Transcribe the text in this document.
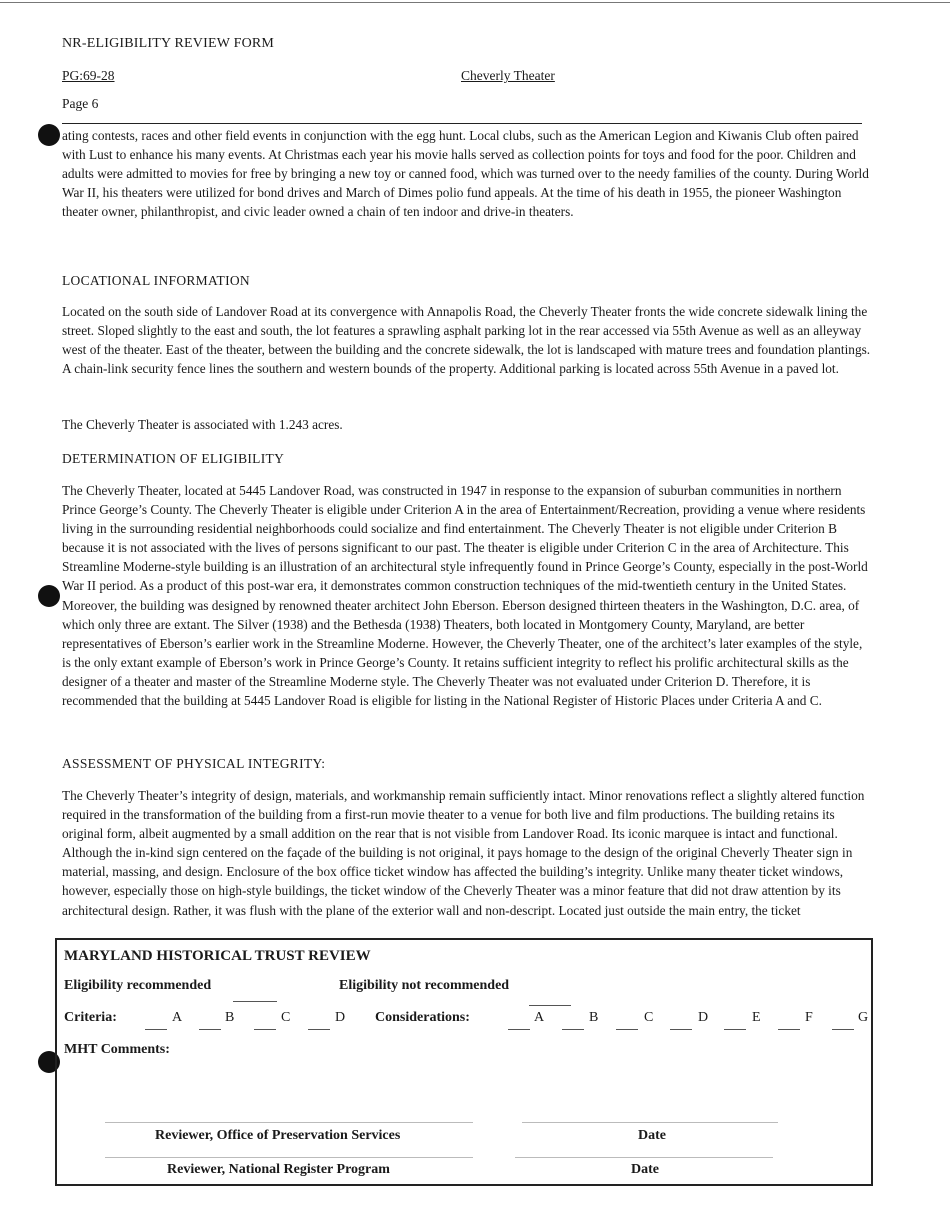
NR-ELIGIBILITY REVIEW FORM
PG:69-28	Cheverly Theater
Page 6

ating contests, races and other field events in conjunction with the egg hunt. Local clubs, such as the American Legion and Kiwanis Club often paired with Lust to enhance his many events. At Christmas each year his movie halls served as collection points for toys and food for the poor. Children and adults were admitted to movies for free by bringing a new toy or canned food, which was turned over to the needy families of the county. During World War II, his theaters were utilized for bond drives and March of Dimes polio fund appeals. At the time of his death in 1955, the pioneer Washington theater owner, philanthropist, and civic leader owned a chain of ten indoor and drive-in theaters.

LOCATIONAL INFORMATION

Located on the south side of Landover Road at its convergence with Annapolis Road, the Cheverly Theater fronts the wide concrete sidewalk lining the street. Sloped slightly to the east and south, the lot features a sprawling asphalt parking lot in the rear accessed via 55th Avenue as well as an alleyway west of the theater. East of the theater, between the building and the concrete sidewalk, the lot is landscaped with mature trees and foundation plantings. A chain-link security fence lines the southern and western bounds of the property. Additional parking is located across 55th Avenue in a paved lot.

The Cheverly Theater is associated with 1.243 acres.

DETERMINATION OF ELIGIBILITY

The Cheverly Theater, located at 5445 Landover Road, was constructed in 1947 in response to the expansion of suburban communities in northern Prince George’s County. The Cheverly Theater is eligible under Criterion A in the area of Entertainment/Recreation, providing a venue where residents living in the surrounding residential neighborhoods could socialize and find entertainment. The Cheverly Theater is not eligible under Criterion B because it is not associated with the lives of persons significant to our past. The theater is eligible under Criterion C in the area of Architecture. This Streamline Moderne-style building is an illustration of an architectural style infrequently found in Prince George’s County, especially in the post-World War II period. As a product of this post-war era, it demonstrates common construction techniques of the mid-twentieth century in the United States. Moreover, the building was designed by renowned theater architect John Eberson. Eberson designed thirteen theaters in the Washington, D.C. area, of which only three are extant. The Silver (1938) and the Bethesda (1938) Theaters, both located in Montgomery County, Maryland, are better representatives of Eberson’s earlier work in the Streamline Moderne. However, the Cheverly Theater, one of the architect’s later examples of the style, is the only extant example of Eberson’s work in Prince George’s County. It retains sufficient integrity to reflect his prolific architectural skills as the designer of a theater and master of the Streamline Moderne style. The Cheverly Theater was not evaluated under Criterion D. Therefore, it is recommended that the building at 5445 Landover Road is eligible for listing in the National Register of Historic Places under Criteria A and C.

ASSESSMENT OF PHYSICAL INTEGRITY:

The Cheverly Theater’s integrity of design, materials, and workmanship remain sufficiently intact. Minor renovations reflect a slightly altered function required in the transformation of the building from a first-run movie theater to a venue for both live and film productions. The building retains its original form, albeit augmented by a small addition on the rear that is not visible from Landover Road. Its iconic marquee is intact and functional. Although the in-kind sign centered on the façade of the building is not original, it pays homage to the design of the original Cheverly Theater sign in material, massing, and design. Enclosure of the box office ticket window has affected the building’s integrity. Unlike many theater ticket windows, however, especially those on high-style buildings, the ticket window of the Cheverly Theater was a minor feature that did not draw attention by its architectural design. Rather, it was flush with the plane of the exterior wall and non-descript. Located just outside the main entry, the ticket

MARYLAND HISTORICAL TRUST REVIEW
Eligibility recommended	Eligibility not recommended
Criteria:	A	B	C	D Considerations:	A	B	C	D	E	F	G
MHT Comments:
Reviewer, Office of Preservation Services	Date
Reviewer, National Register Program	Date
